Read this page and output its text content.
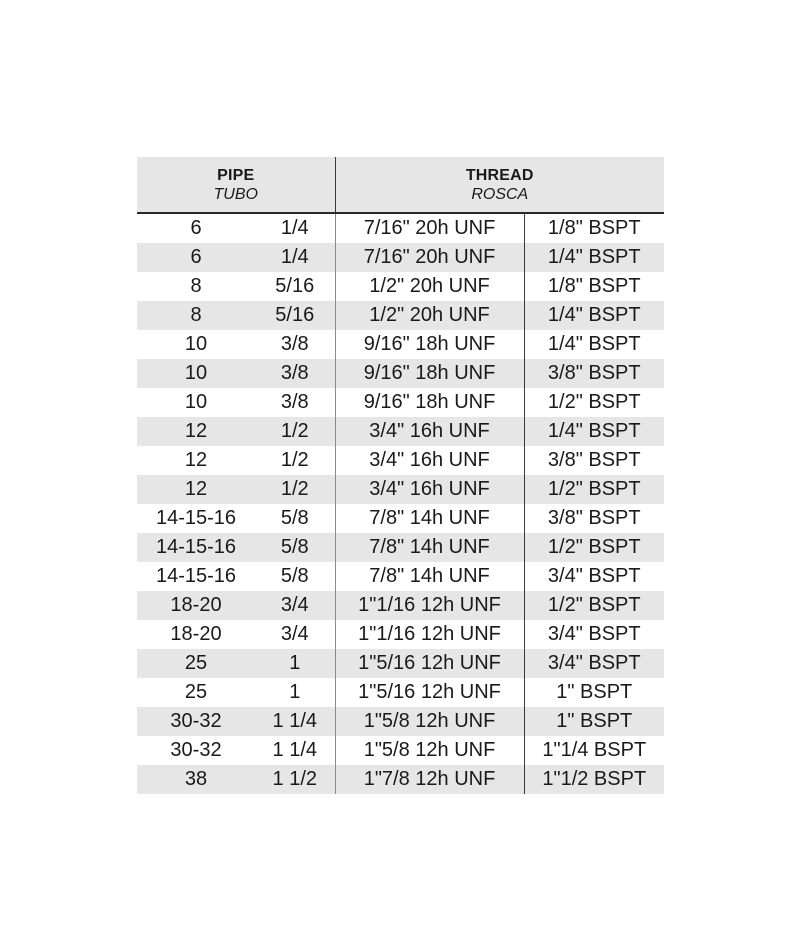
PIPE
TUBO		THREAD
ROSCA	

6	1/4	7/16" 20h UNF	1/8" BSPT
6	1/4	7/16" 20h UNF	1/4" BSPT
8	5/16	1/2" 20h UNF	1/8" BSPT
8	5/16	1/2" 20h UNF	1/4" BSPT
10	3/8	9/16" 18h UNF	1/4" BSPT
10	3/8	9/16" 18h UNF	3/8" BSPT
10	3/8	9/16" 18h UNF	1/2" BSPT
12	1/2	3/4" 16h UNF	1/4" BSPT
12	1/2	3/4" 16h UNF	3/8" BSPT
12	1/2	3/4" 16h UNF	1/2" BSPT
14-15-16	5/8	7/8" 14h UNF	3/8" BSPT
14-15-16	5/8	7/8" 14h UNF	1/2" BSPT
14-15-16	5/8	7/8" 14h UNF	3/4" BSPT
18-20	3/4	1"1/16 12h UNF	1/2" BSPT
18-20	3/4	1"1/16 12h UNF	3/4" BSPT
25	1	1"5/16 12h UNF	3/4" BSPT
25	1	1"5/16 12h UNF	1" BSPT
30-32	1 1/4	1"5/8 12h UNF	1" BSPT
30-32	1 1/4	1"5/8 12h UNF	1"1/4 BSPT
38	1 1/2	1"7/8 12h UNF	1"1/2 BSPT
